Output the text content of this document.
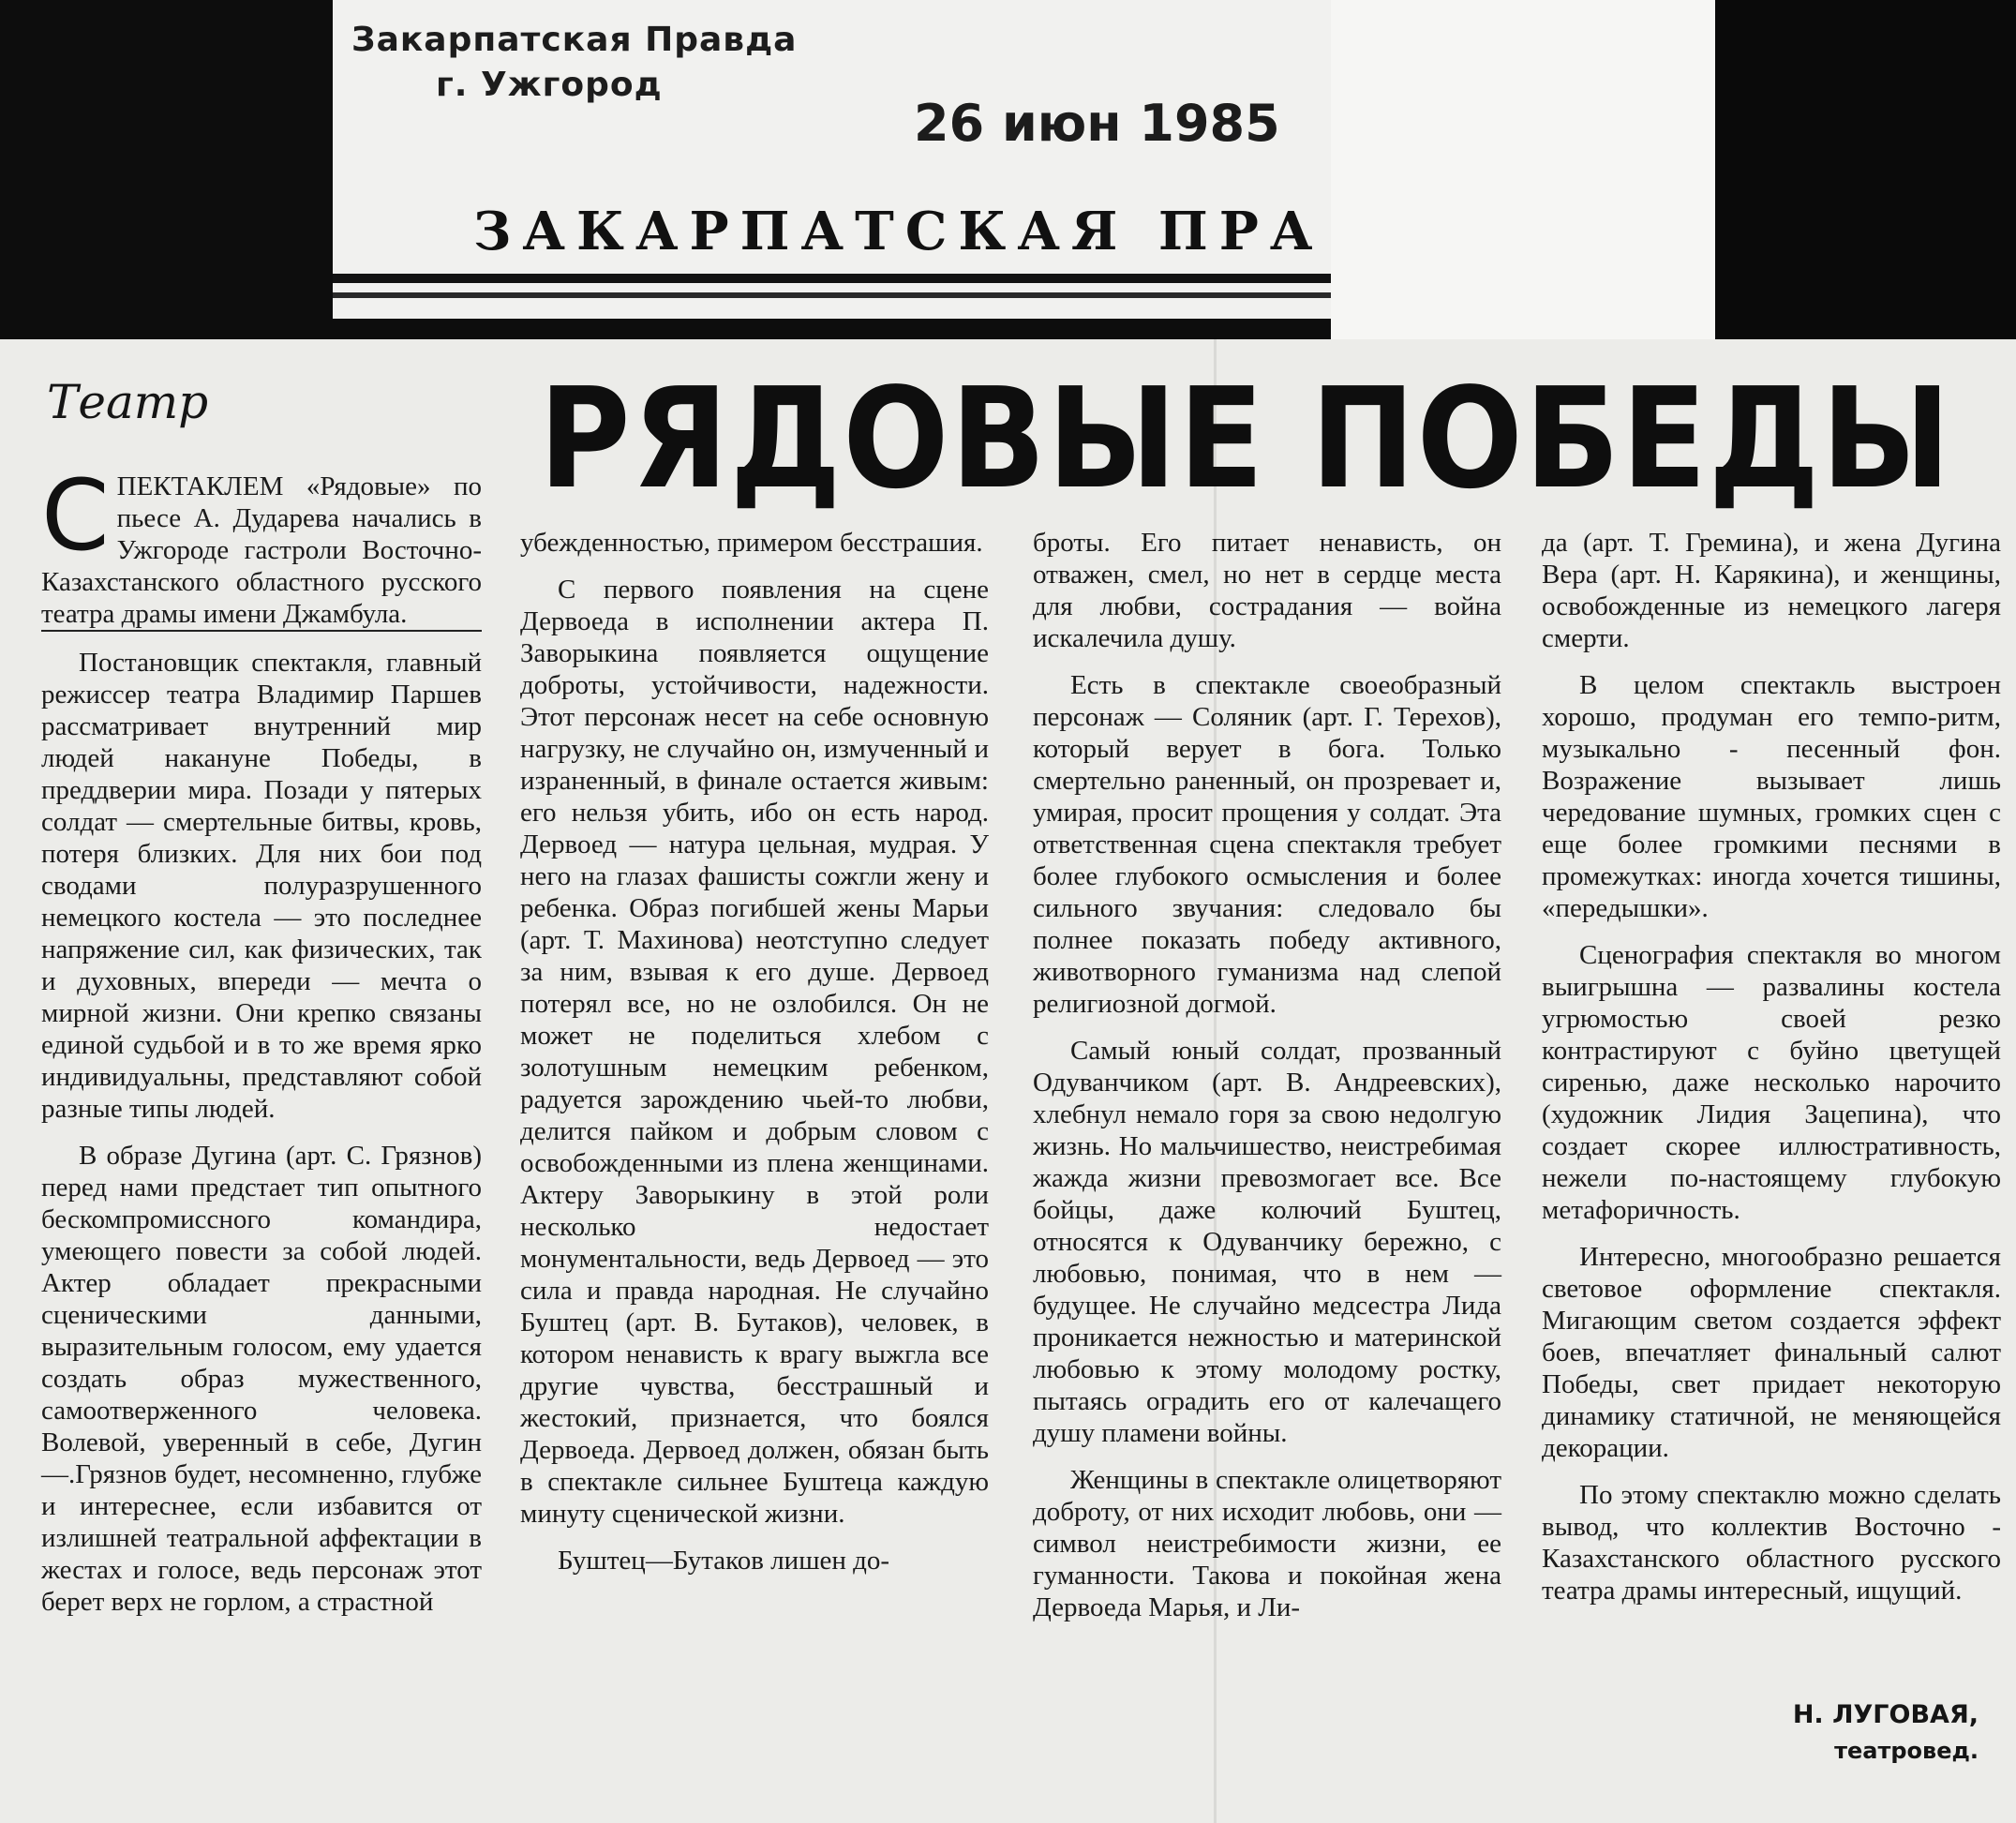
Закарпатская Правда
г. Ужгород
26 июн 1985
ЗАКАРПАТСКАЯ ПРА
Театр РЯДОВЫЕ ПОБЕДЫ

СПЕКТАКЛЕМ «Рядовые» по пьесе А. Дударева начались в Ужгороде гастроли Восточно-Казахстанского областного русского театра драмы имени Джамбула.

Постановщик спектакля, главный режиссер театра Владимир Паршев рассматривает внутренний мир людей накануне Победы, в преддверии мира. Позади у пятерых солдат — смертельные битвы, кровь, потеря близких. Для них бои под сводами полуразрушенного немецкого костела — это последнее напряжение сил, как физических, так и духовных, впереди — мечта о мирной жизни. Они крепко связаны единой судьбой и в то же время ярко индивидуальны, представляют собой разные типы людей.

В образе Дугина (арт. С. Грязнов) перед нами предстает тип опытного бескомпромиссного командира, умеющего повести за собой людей. Актер обладает прекрасными сценическими данными, выразительным голосом, ему удается создать образ мужественного, самоотверженного человека. Волевой, уверенный в себе, Дугин —.Грязнов будет, несомненно, глубже и интереснее, если избавится от излишней театральной аффектации в жестах и голосе, ведь персонаж этот берет верх не горлом, а страстной

убежденностью, примером бесстрашия.

С первого появления на сцене Дервоеда в исполнении актера П. Заворыкина появляется ощущение доброты, устойчивости, надежности. Этот персонаж несет на себе основную нагрузку, не случайно он, измученный и израненный, в финале остается живым: его нельзя убить, ибо он есть народ. Дервоед — натура цельная, мудрая. У него на глазах фашисты сожгли жену и ребенка. Образ погибшей жены Марьи (арт. Т. Махинова) неотступно следует за ним, взывая к его душе. Дервоед потерял все, но не озлобился. Он не может не поделиться хлебом с золотушным немецким ребенком, радуется зарождению чьей-то любви, делится пайком и добрым словом с освобожденными из плена женщинами. Актеру Заворыкину в этой роли несколько недостает монументальности, ведь Дервоед — это сила и правда народная. Не случайно Буштец (арт. В. Бутаков), человек, в котором ненависть к врагу выжгла все другие чувства, бесстрашный и жестокий, признается, что боялся Дервоеда. Дервоед должен, обязан быть в спектакле сильнее Буштеца каждую минуту сценической жизни.

Буштец—Бутаков лишен до-

броты. Его питает ненависть, он отважен, смел, но нет в сердце места для любви, сострадания — война искалечила душу.

Есть в спектакле своеобразный персонаж — Соляник (арт. Г. Терехов), который верует в бога. Только смертельно раненный, он прозревает и, умирая, просит прощения у солдат. Эта ответственная сцена спектакля требует более глубокого осмысления и более сильного звучания: следовало бы полнее показать победу активного, животворного гуманизма над слепой религиозной догмой.

Самый юный солдат, прозванный Одуванчиком (арт. В. Андреевских), хлебнул немало горя за свою недолгую жизнь. Но мальчишество, неистребимая жажда жизни превозмогает все. Все бойцы, даже колючий Буштец, относятся к Одуванчику бережно, с любовью, понимая, что в нем — будущее. Не случайно медсестра Лида проникается нежностью и материнской любовью к этому молодому ростку, пытаясь оградить его от калечащего душу пламени войны.

Женщины в спектакле олицетворяют доброту, от них исходит любовь, они — символ неистребимости жизни, ее гуманности. Такова и покойная жена Дервоеда Марья, и Ли-

да (арт. Т. Гремина), и жена Дугина Вера (арт. Н. Карякина), и женщины, освобожденные из немецкого лагеря смерти.

В целом спектакль выстроен хорошо, продуман его темпо-ритм, музыкально - песенный фон. Возражение вызывает лишь чередование шумных, громких сцен с еще более громкими песнями в промежутках: иногда хочется тишины, «передышки».

Сценография спектакля во многом выигрышна — развалины костела угрюмостью своей резко контрастируют с буйно цветущей сиренью, даже несколько нарочито (художник Лидия Зацепина), что создает скорее иллюстративность, нежели по-настоящему глубокую метафоричность.

Интересно, многообразно решается световое оформление спектакля. Мигающим светом создается эффект боев, впечатляет финальный салют Победы, свет придает некоторую динамику статичной, не меняющейся декорации.

По этому спектаклю можно сделать вывод, что коллектив Восточно - Казахстанского областного русского театра драмы интересный, ищущий.

Н. ЛУГОВАЯ,
театровед.
